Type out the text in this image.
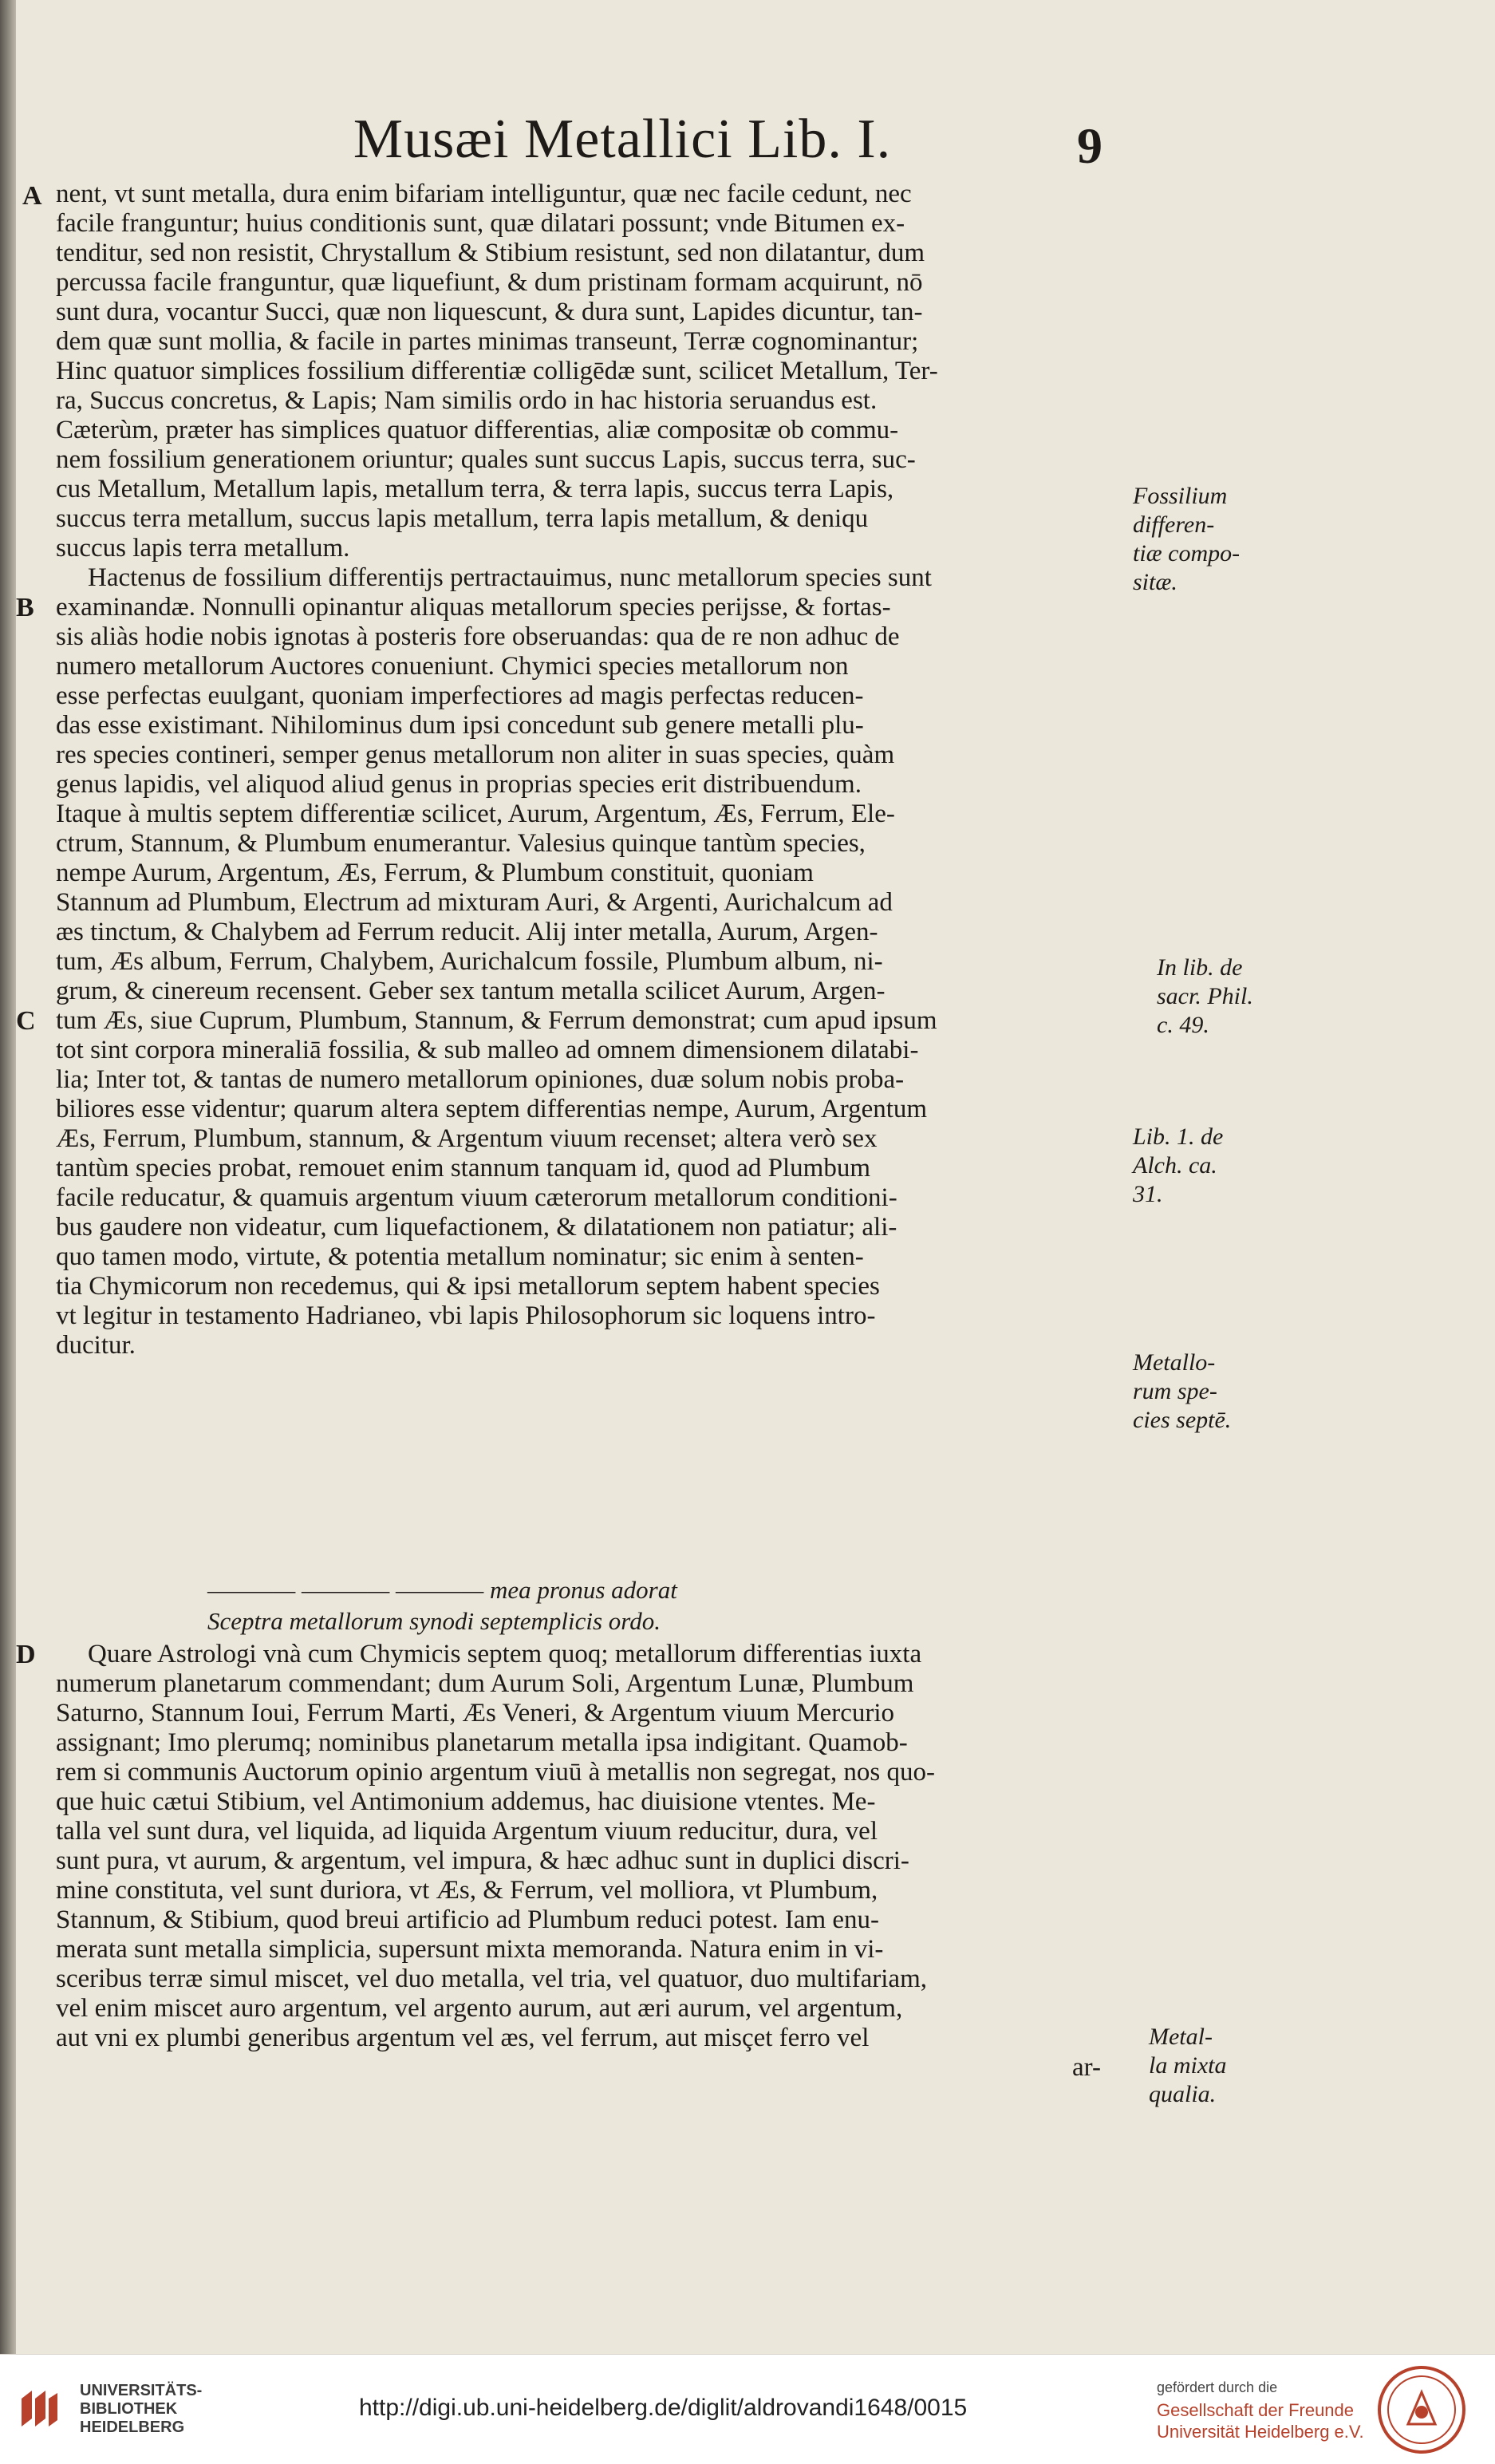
Musæi Metallici Lib. I.	9
A nent, vt sunt metalla, dura enim bifariam intelliguntur, quæ nec facile cedunt, nec
facile franguntur; huius conditionis sunt, quæ dilatari possunt; vnde Bitumen ex-
tenditur, sed non resistit, Chrystallum & Stibium resistunt, sed non dilatantur, dum
percussa facile franguntur, quæ liquefiunt, & dum pristinam formam acquirunt, nō
sunt dura, vocantur Succi, quæ non liquescunt, & dura sunt, Lapides dicuntur, tan-
dem quæ sunt mollia, & facile in partes minimas transeunt, Terræ cognominantur;
Hinc quatuor simplices fossilium differentiæ colligēdæ sunt, scilicet Metallum, Ter-
ra, Succus concretus, & Lapis; Nam similis ordo in hac historia seruandus est.
Cæterùm, præter has simplices quatuor differentias, aliæ compositæ ob commu-
nem fossilium generationem oriuntur; quales sunt succus Lapis, succus terra, suc-
cus Metallum, Metallum lapis, metallum terra, & terra lapis, succus terra Lapis,
succus terra metallum, succus lapis metallum, terra lapis metallum, & deniqu
succus lapis terra metallum.
Hactenus de fossilium differentijs pertractauimus, nunc metallorum species sunt
B examinandæ. Nonnulli opinantur aliquas metallorum species perijsse, & fortas-
sis aliàs hodie nobis ignotas à posteris fore obseruandas: qua de re non adhuc de
numero metallorum Auctores conueniunt. Chymici species metallorum non
esse perfectas euulgant, quoniam imperfectiores ad magis perfectas reducen-
das esse existimant. Nihilominus dum ipsi concedunt sub genere metalli plu-
res species contineri, semper genus metallorum non aliter in suas species, quàm
genus lapidis, vel aliquod aliud genus in proprias species erit distribuendum.
Itaque à multis septem differentiæ scilicet, Aurum, Argentum, Æs, Ferrum, Ele-
ctrum, Stannum, & Plumbum enumerantur. Valesius quinque tantùm species,
nempe Aurum, Argentum, Æs, Ferrum, & Plumbum constituit, quoniam
Stannum ad Plumbum, Electrum ad mixturam Auri, & Argenti, Aurichalcum ad
æs tinctum, & Chalybem ad Ferrum reducit. Alij inter metalla, Aurum, Argen-
tum, Æs album, Ferrum, Chalybem, Aurichalcum fossile, Plumbum album, ni-
grum, & cinereum recensent. Geber sex tantum metalla scilicet Aurum, Argen-
C tum Æs, siue Cuprum, Plumbum, Stannum, & Ferrum demonstrat; cum apud ipsum
tot sint corpora mineraliā fossilia, & sub malleo ad omnem dimensionem dilatabi-
lia; Inter tot, & tantas de numero metallorum opiniones, duæ solum nobis proba-
biliores esse videntur; quarum altera septem differentias nempe, Aurum, Argentum
Æs, Ferrum, Plumbum, stannum, & Argentum viuum recenset; altera verò sex
tantùm species probat, remouet enim stannum tanquam id, quod ad Plumbum
facile reducatur, & quamuis argentum viuum cæterorum metallorum conditioni-
bus gaudere non videatur, cum liquefactionem, & dilatationem non patiatur; ali-
quo tamen modo, virtute, & potentia metallum nominatur; sic enim à senten-
tia Chymicorum non recedemus, qui & ipsi metallorum septem habent species
vt legitur in testamento Hadrianeo, vbi lapis Philosophorum sic loquens intro-
ducitur.
———— ———— ———— mea pronus adorat
Sceptra metallorum synodi septemplicis ordo.
D Quare Astrologi vnà cum Chymicis septem quoq; metallorum differentias iuxta
numerum planetarum commendant; dum Aurum Soli, Argentum Lunæ, Plumbum
Saturno, Stannum Ioui, Ferrum Marti, Æs Veneri, & Argentum viuum Mercurio
assignant; Imo plerumq; nominibus planetarum metalla ipsa indigitant. Quamob-
rem si communis Auctorum opinio argentum viuū à metallis non segregat, nos quo-
que huic cætui Stibium, vel Antimonium addemus, hac diuisione vtentes. Me-
talla vel sunt dura, vel liquida, ad liquida Argentum viuum reducitur, dura, vel
sunt pura, vt aurum, & argentum, vel impura, & hæc adhuc sunt in duplici discri-
mine constituta, vel sunt duriora, vt Æs, & Ferrum, vel molliora, vt Plumbum,
Stannum, & Stibium, quod breui artificio ad Plumbum reduci potest. Iam enu-
merata sunt metalla simplicia, supersunt mixta memoranda. Natura enim in vi-
sceribus terræ simul miscet, vel duo metalla, vel tria, vel quatuor, duo multifariam,
vel enim miscet auro argentum, vel argento aurum, aut æri aurum, vel argentum,
aut vni ex plumbi generibus argentum vel æs, vel ferrum, aut misçet ferro vel
ar-
Fossilium
differen-
tiæ compo-
sitæ.
In lib. de
sacr. Phil.
c. 49.
Lib. 1. de
Alch. ca.
31.
Metallo-
rum spe-
cies septē.
Metal-
la mixta
qualia.
UNIVERSITÄTS-
BIBLIOTHEK
HEIDELBERG
http://digi.ub.uni-heidelberg.de/diglit/aldrovandi1648/0015
gefördert durch die
Gesellschaft der Freunde
Universität Heidelberg e.V.
